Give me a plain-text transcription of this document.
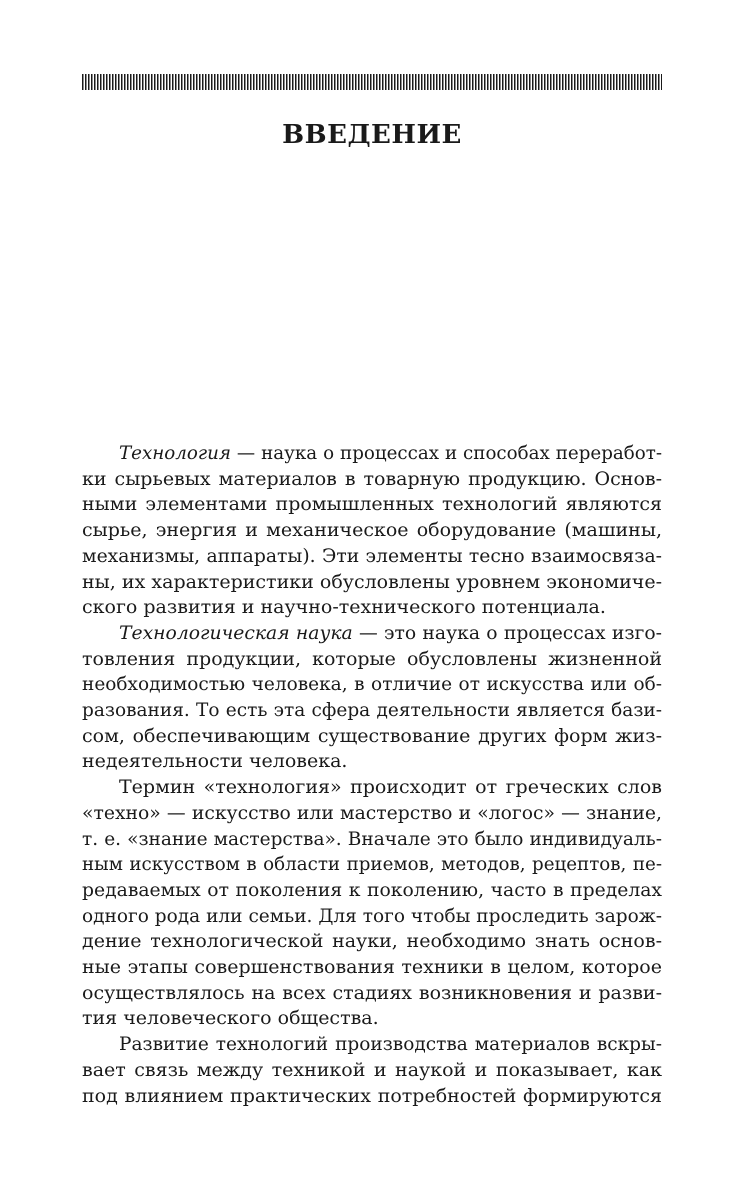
ВВЕДЕНИЕ

Технология — наука о процессах и способах переработ-
ки сырьевых материалов в товарную продукцию. Основ-
ными элементами промышленных технологий являются
сырье, энергия и механическое оборудование (машины,
механизмы, аппараты). Эти элементы тесно взаимосвяза-
ны, их характеристики обусловлены уровнем экономиче-
ского развития и научно-технического потенциала.

Технологическая наука — это наука о процессах изго-
товления продукции, которые обусловлены жизненной
необходимостью человека, в отличие от искусства или об-
разования. То есть эта сфера деятельности является бази-
сом, обеспечивающим существование других форм жиз-
недеятельности человека.

Термин «технология» происходит от греческих слов
«техно» — искусство или мастерство и «логос» — знание,
т. е. «знание мастерства». Вначале это было индивидуаль-
ным искусством в области приемов, методов, рецептов, пе-
редаваемых от поколения к поколению, часто в пределах
одного рода или семьи. Для того чтобы проследить зарож-
дение технологической науки, необходимо знать основ-
ные этапы совершенствования техники в целом, которое
осуществлялось на всех стадиях возникновения и разви-
тия человеческого общества.

Развитие технологий производства материалов вскры-
вает связь между техникой и наукой и показывает, как
под влиянием практических потребностей формируются
